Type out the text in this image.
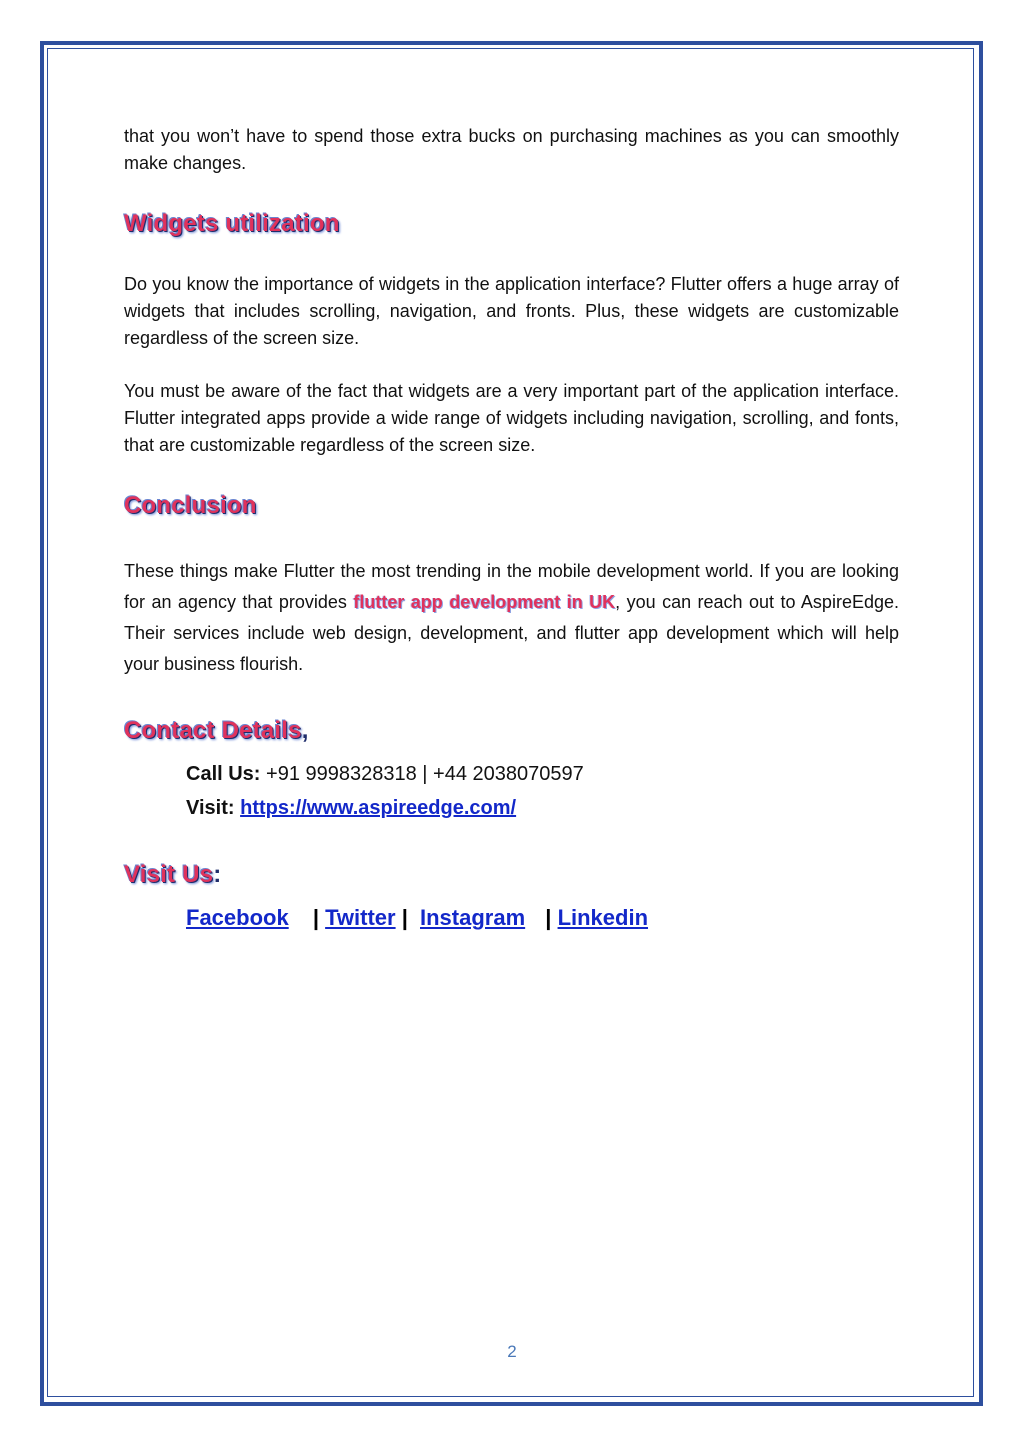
that you won’t have to spend those extra bucks on purchasing machines as you can smoothly make changes.

Widgets utilization

Do you know the importance of widgets in the application interface? Flutter offers a huge array of widgets that includes scrolling, navigation, and fronts. Plus, these widgets are customizable regardless of the screen size.

You must be aware of the fact that widgets are a very important part of the application interface. Flutter integrated apps provide a wide range of widgets including navigation, scrolling, and fonts, that are customizable regardless of the screen size.

Conclusion

These things make Flutter the most trending in the mobile development world. If you are looking for an agency that provides flutter app development in UK, you can reach out to AspireEdge. Their services include web design, development, and flutter app development which will help your business flourish.

Contact Details,

Call Us: +91 9998328318 | +44 2038070597

Visit: https://www.aspireedge.com/

Visit Us:

Facebook | Twitter | Instagram | Linkedin

2
